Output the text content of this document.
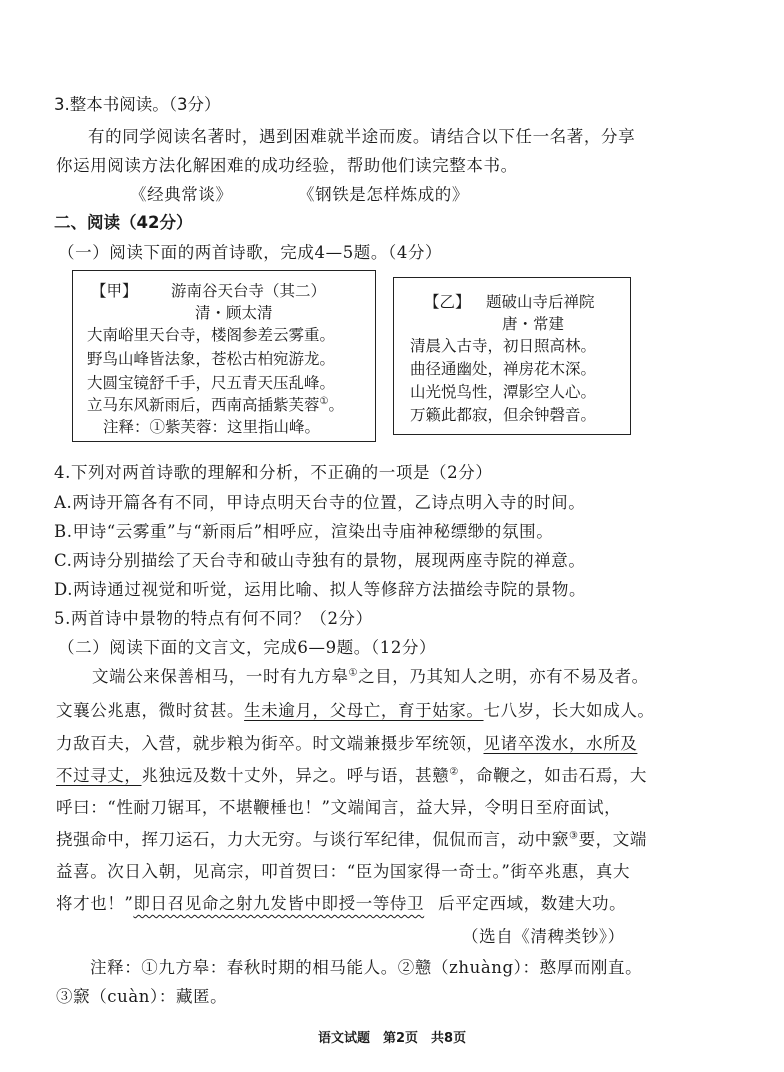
3.整本书阅读。（3分）
有的同学阅读名著时，遇到困难就半途而废。请结合以下任一名著，分享
你运用阅读方法化解困难的成功经验，帮助他们读完整本书。
《经典常谈》	《钢铁是怎样炼成的》
二、阅读（42分）
（一）阅读下面的两首诗歌，完成4—5题。（4分）
【甲】 游南谷天台寺（其二）
清・顾太清
大南峪里天台寺，楼阁参差云雾重。
野鸟山峰皆法象，苍松古柏宛游龙。
大圆宝镜舒千手，尺五青天压乱峰。
立马东风新雨后，西南高插紫芙蓉①。
注释：①紫芙蓉：这里指山峰。
【乙】 题破山寺后禅院
唐・常建
清晨入古寺，初日照高林。
曲径通幽处，禅房花木深。
山光悦鸟性，潭影空人心。
万籁此都寂，但余钟磬音。
4.下列对两首诗歌的理解和分析，不正确的一项是（2分）
A.两诗开篇各有不同，甲诗点明天台寺的位置，乙诗点明入寺的时间。
B.甲诗“云雾重”与“新雨后”相呼应，渲染出寺庙神秘缥缈的氛围。
C.两诗分别描绘了天台寺和破山寺独有的景物，展现两座寺院的禅意。
D.两诗通过视觉和听觉，运用比喻、拟人等修辞方法描绘寺院的景物。
5.两首诗中景物的特点有何不同？（2分）
（二）阅读下面的文言文，完成6—9题。（12分）
文端公来保善相马，一时有九方皋①之目，乃其知人之明，亦有不易及者。
文襄公兆惠，微时贫甚。生未逾月，父母亡，育于姑家。七八岁，长大如成人。
力敌百夫，入营，就步粮为街卒。时文端兼摄步军统领，见诸卒泼水，水所及
不过寻丈，兆独远及数十丈外，异之。呼与语，甚戆②，命鞭之，如击石焉，大
呼曰：“性耐刀锯耳，不堪鞭棰也！”文端闻言，益大异，令明日至府面试，
挠强命中，挥刀运石，力大无穷。与谈行军纪律，侃侃而言，动中窾③要，文端
益喜。次日入朝，见高宗，叩首贺曰：“臣为国家得一奇士。”街卒兆惠，真大
将才也！”即日召见命之射九发皆中即授一等侍卫 后平定西域，数建大功。
（选自《清稗类钞》）
注释：①九方皋：春秋时期的相马能人。②戆（zhuàng）：憨厚而刚直。
③窾（cuàn）：藏匿。
语文试题　第2页　共8页
